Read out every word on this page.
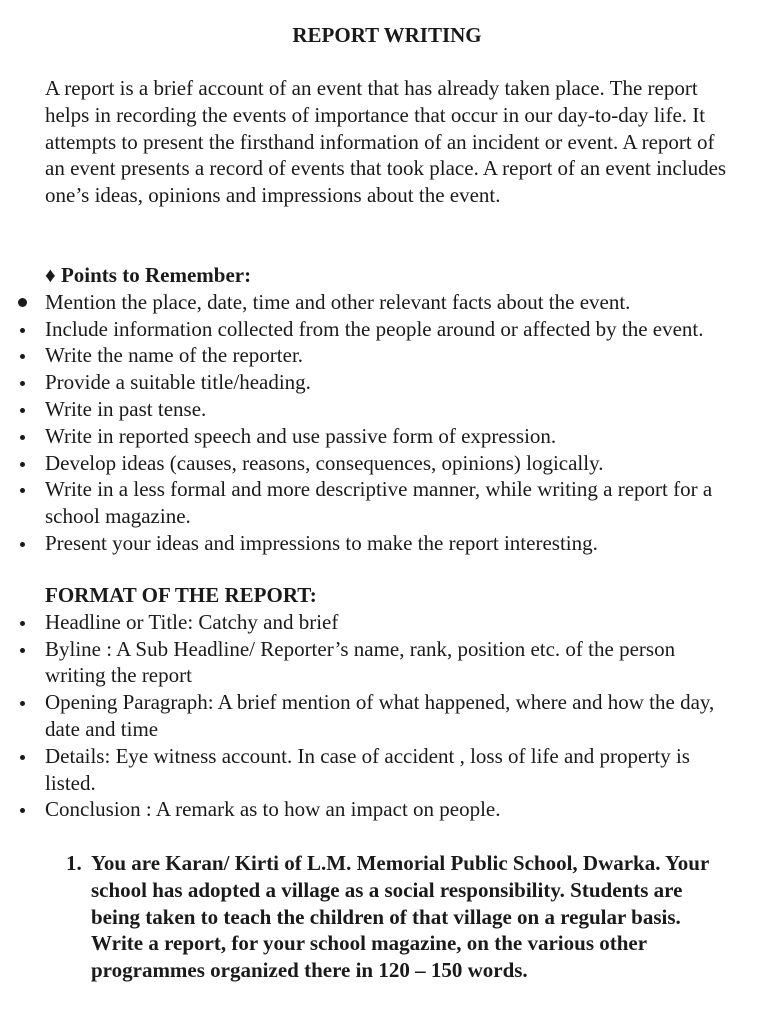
REPORT WRITING

A report is a brief account of an event that has already taken place. The report helps in recording the events of importance that occur in our day-to-day life. It attempts to present the firsthand information of an incident or event. A report of an event presents a record of events that took place. A report of an event includes one’s ideas, opinions and impressions about the event.

♦ Points to Remember:

Mention the place, date, time and other relevant facts about the event.
Include information collected from the people around or affected by the event.
Write the name of the reporter.
Provide a suitable title/heading.
Write in past tense.
Write in reported speech and use passive form of expression.
Develop ideas (causes, reasons, consequences, opinions) logically.
Write in a less formal and more descriptive manner, while writing a report for a school magazine.
Present your ideas and impressions to make the report interesting.

FORMAT OF THE REPORT:

Headline or Title: Catchy and brief
Byline : A Sub Headline/ Reporter’s name, rank, position etc. of the person writing the report
Opening Paragraph: A brief mention of what happened, where and how the day, date and time
Details: Eye witness account. In case of accident , loss of life and property is listed.
Conclusion : A remark as to how an impact on people.
1. You are Karan/ Kirti of L.M. Memorial Public School, Dwarka. Your school has adopted a village as a social responsibility. Students are being taken to teach the children of that village on a regular basis. Write a report, for your school magazine, on the various other programmes organized there in 120 – 150 words.
